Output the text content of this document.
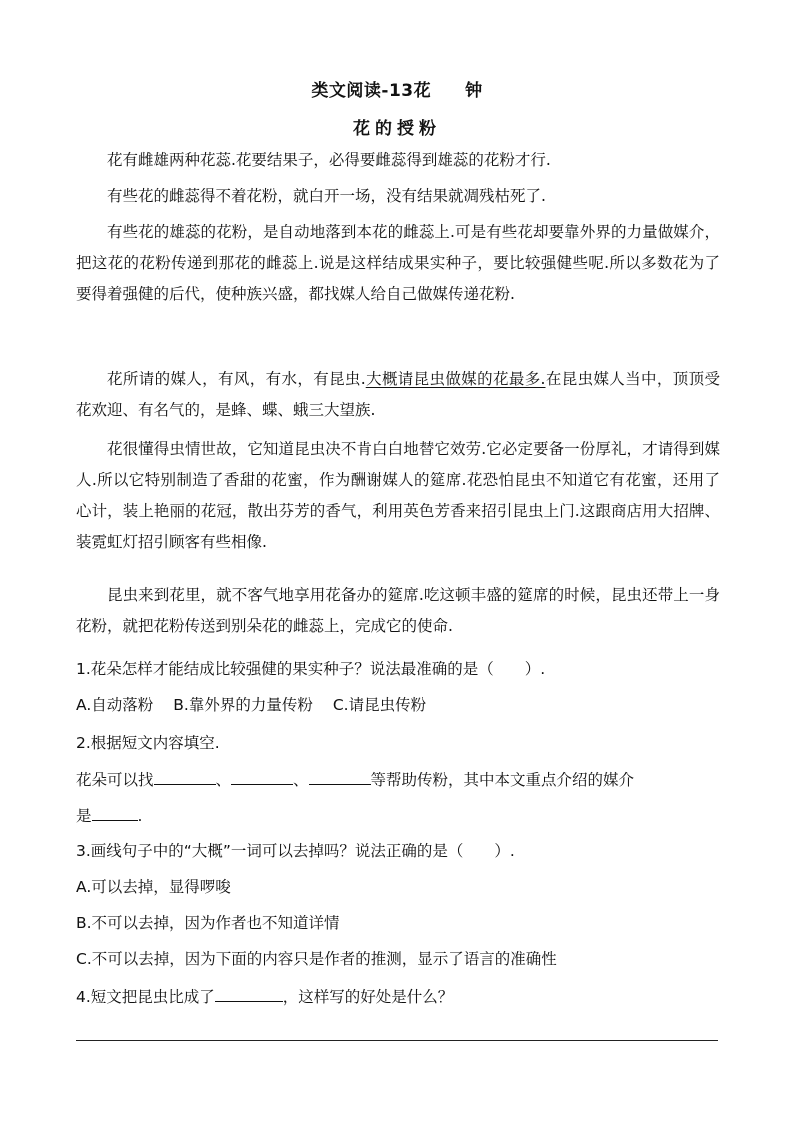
类文阅读-13花 钟
花的授粉
花有雌雄两种花蕊.花要结果子，必得要雌蕊得到雄蕊的花粉才行.
有些花的雌蕊得不着花粉，就白开一场，没有结果就凋残枯死了.
有些花的雄蕊的花粉，是自动地落到本花的雌蕊上.可是有些花却要靠外界的力量做媒介，把这花的花粉传递到那花的雌蕊上.说是这样结成果实种子，要比较强健些呢.所以多数花为了要得着强健的后代，使种族兴盛，都找媒人给自己做媒传递花粉.
花所请的媒人，有风，有水，有昆虫.大概请昆虫做媒的花最多.在昆虫媒人当中，顶顶受花欢迎、有名气的，是蜂、蝶、蛾三大望族.
花很懂得虫情世故，它知道昆虫决不肯白白地替它效劳.它必定要备一份厚礼，才请得到媒人.所以它特别制造了香甜的花蜜，作为酬谢媒人的筵席.花恐怕昆虫不知道它有花蜜，还用了心计，装上艳丽的花冠，散出芬芳的香气，利用英色芳香来招引昆虫上门.这跟商店用大招牌、装霓虹灯招引顾客有些相像.
昆虫来到花里，就不客气地享用花备办的筵席.吃这顿丰盛的筵席的时候，昆虫还带上一身花粉，就把花粉传送到别朵花的雌蕊上，完成它的使命.
1.花朵怎样才能结成比较强健的果实种子？说法最准确的是（　　）.
A.自动落粉 B.靠外界的力量传粉 C.请昆虫传粉
2.根据短文内容填空.
花朵可以找	、	、	等帮助传粉，其中本文重点介绍的媒介
是	.
3.画线句子中的“大概”一词可以去掉吗？说法正确的是（　　）.
A.可以去掉，显得啰唆
B.不可以去掉，因为作者也不知道详情
C.不可以去掉，因为下面的内容只是作者的推测，显示了语言的准确性
4.短文把昆虫比成了	，这样写的好处是什么？
